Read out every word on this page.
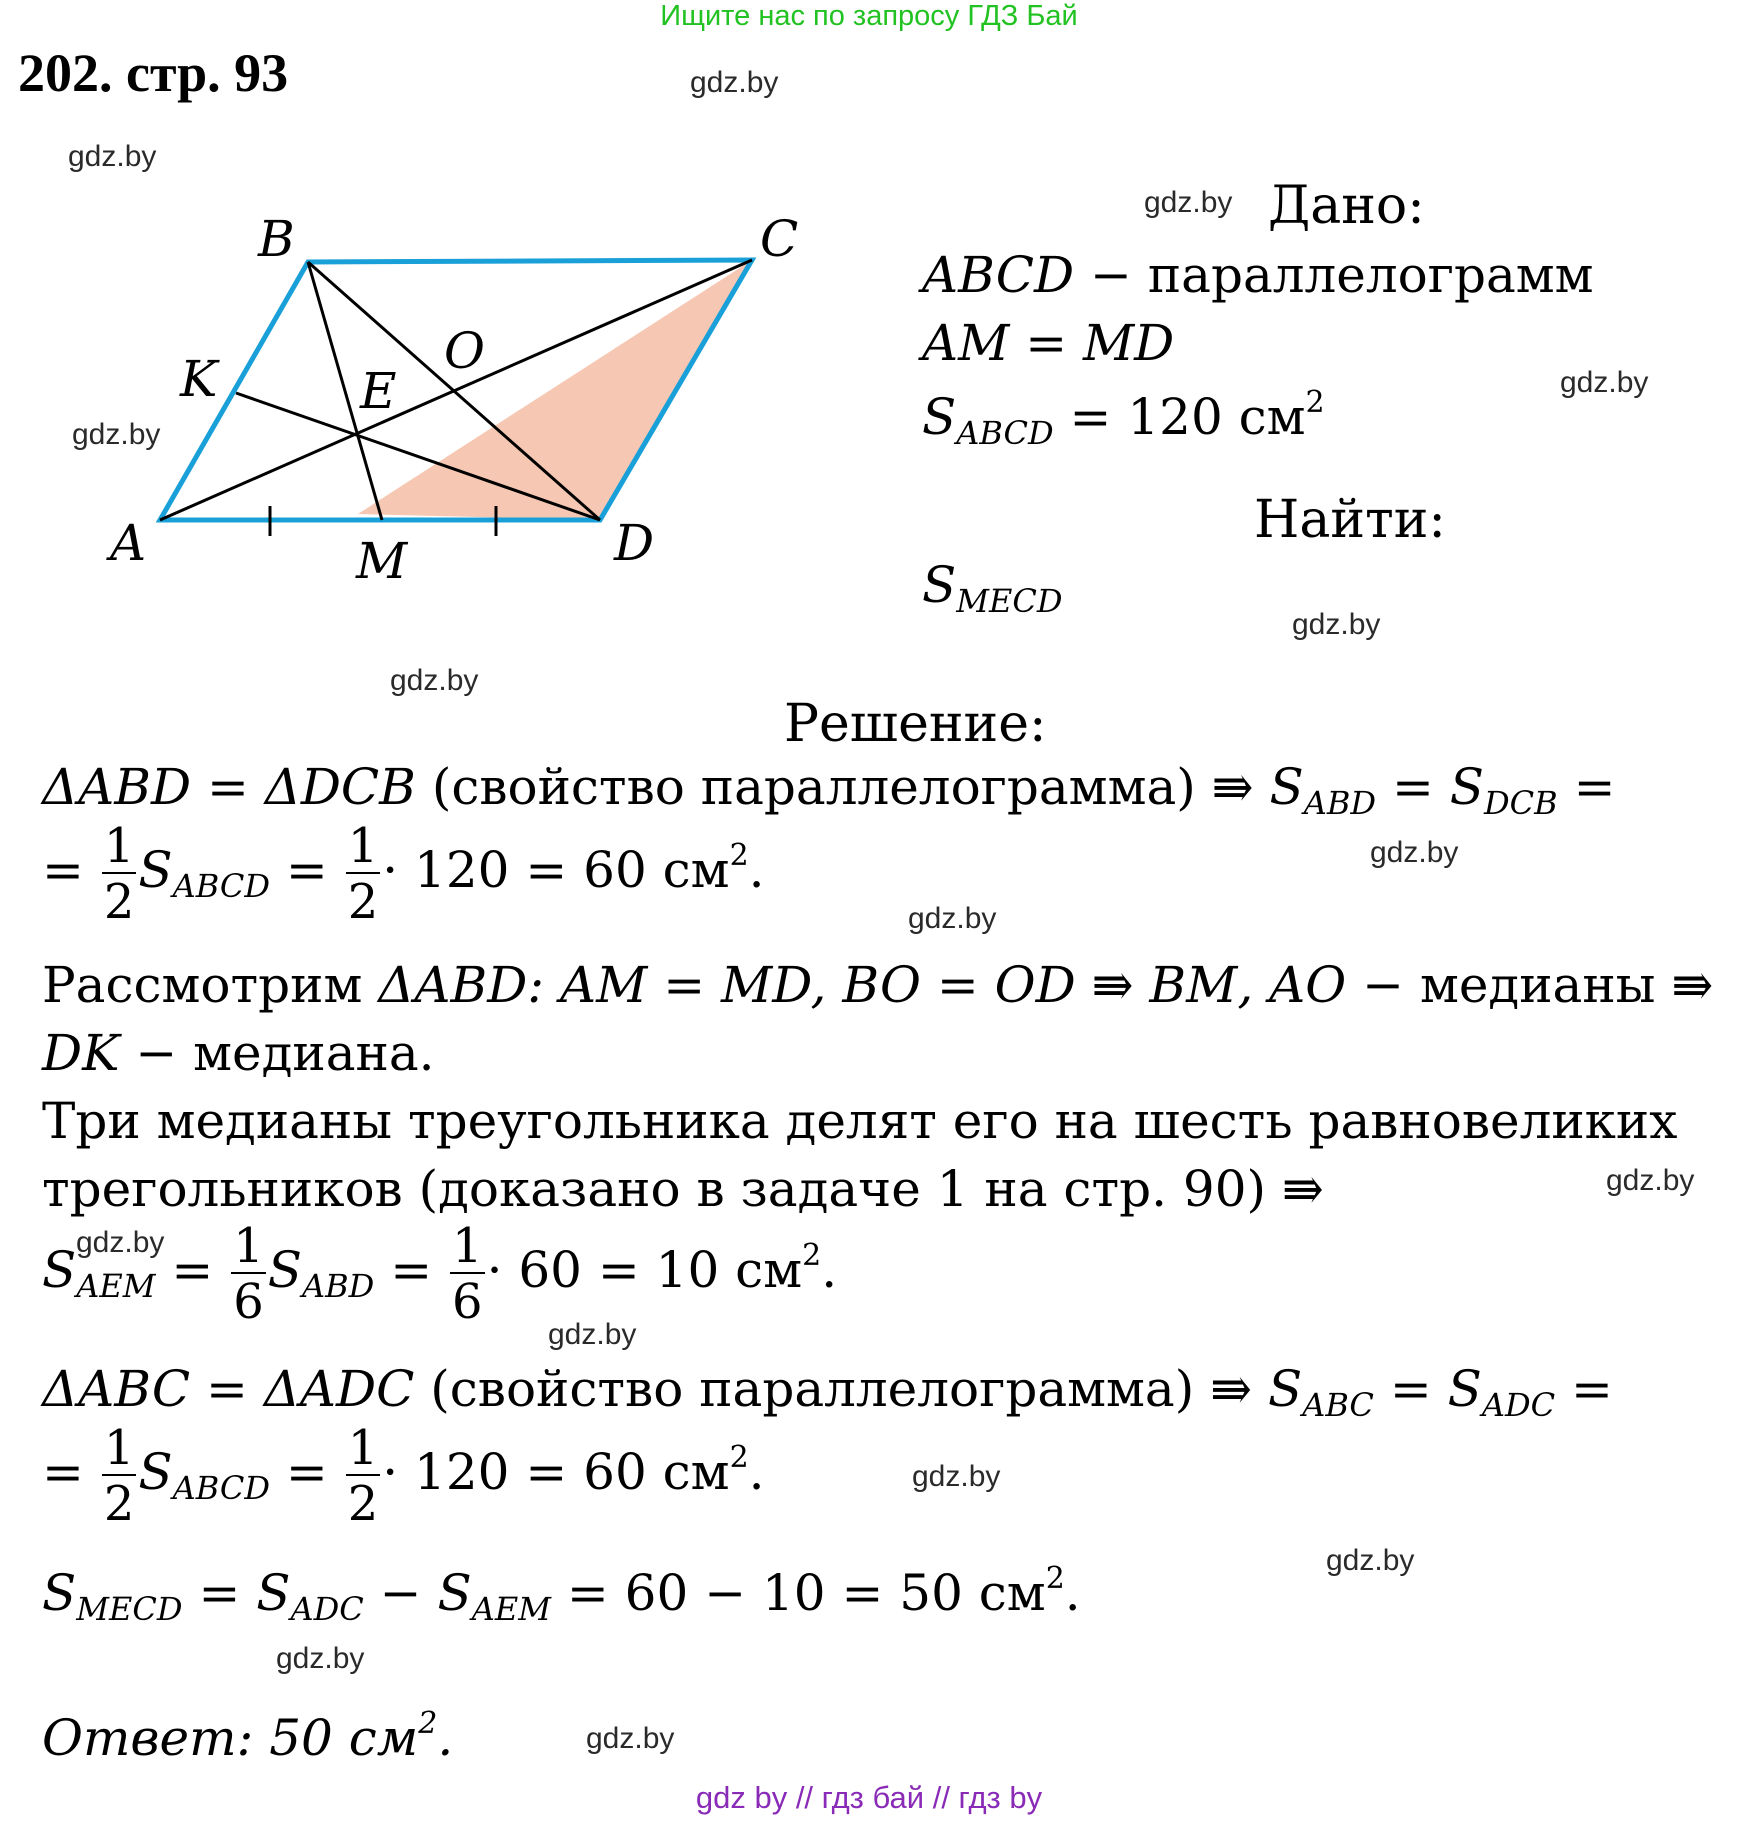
Ищите нас по запросу ГДЗ Бай
202. стр. 93	gdz.by
gdz.by
gdz.by
gdz.by
gdz.by
gdz.by
gdz.by
gdz.by
gdz.by
gdz.by
gdz.by
gdz.by
gdz.by
gdz.by
gdz.by
gdz.by
B	C
K	E
O
A	M	D
Дано:
ABCD − параллелограмм
AM = MD
$S_{ABCD} = 120$ $см^2$
Найти:
$S_{MECD}$
Решение:
ΔABD = ΔDCB (свойство параллелограмма) ⇛ $S_{ABD} = S_{DCB}$ =
= $\frac{1}{2} S_{ABCD} = \frac{1}{2} \cdot 120 = 60$ $см^2$.
Рассмотрим ΔABD: AM = MD, BO = OD ⇛ BM, AO − медианы ⇛
DK − медиана.
Три медианы треугольника делят его на шесть равновеликих
трегольников (доказано в задаче 1 на стр. 90) ⇛
$S_{AEM} = \frac{1}{6} S_{ABD} = \frac{1}{6} \cdot 60 = 10$ $см^2$.
ΔABC = ΔADC (свойство параллелограмма) ⇛ $S_{ABC} = S_{ADC}$ =
= $\frac{1}{2} S_{ABCD} = \frac{1}{2} \cdot 120 = 60$ $см^2$.
$S_{MECD} = S_{ADC} - S_{AEM} = 60 - 10 = 50$ $см^2$.
Ответ: 50 $см^2$.
gdz by // гдз бай // гдз by
